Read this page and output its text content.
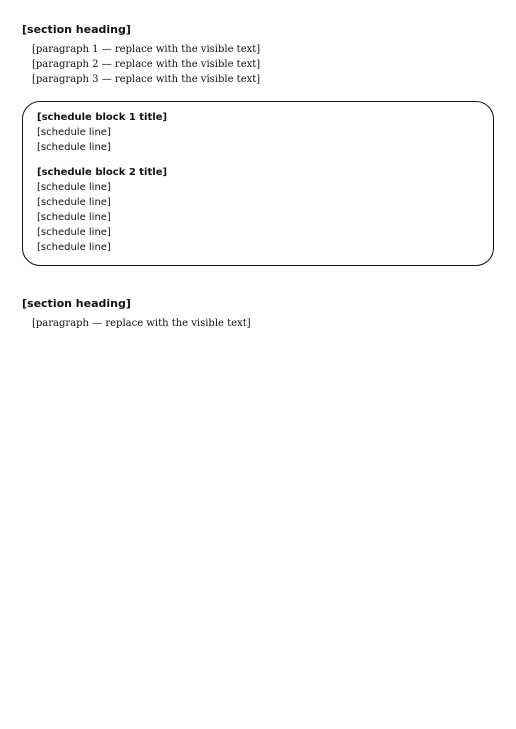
[section heading]

[paragraph 1 — replace with the visible text]

[paragraph 2 — replace with the visible text]

[paragraph 3 — replace with the visible text]

[schedule block 1 title]

[schedule line]

[schedule line]

[schedule block 2 title]

[schedule line]

[schedule line]

[schedule line]

[schedule line]

[schedule line]

[section heading]

[paragraph — replace with the visible text]
